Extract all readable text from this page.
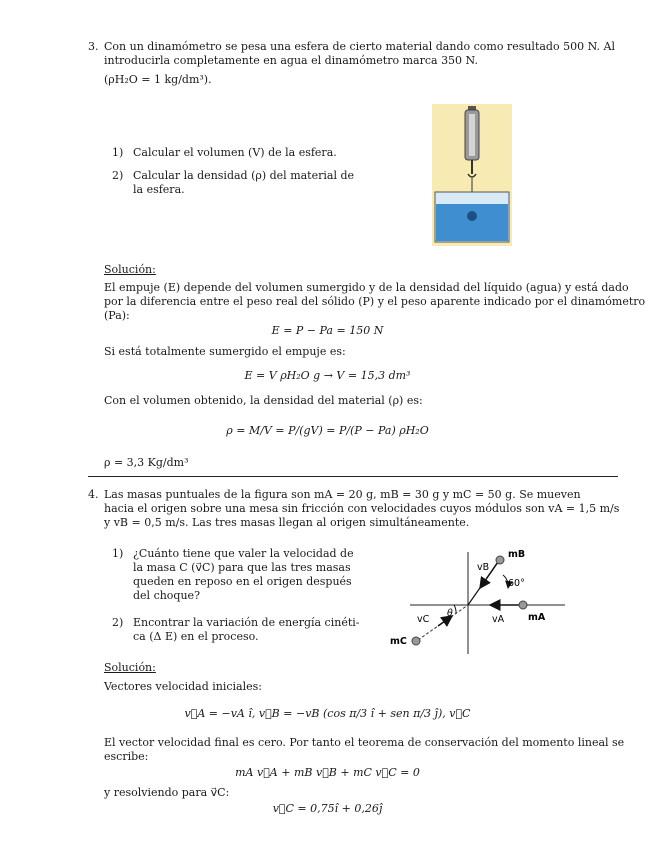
3. Con un dinamómetro se pesa una esfera de cierto material dando como resultado 500 N. Al
introducirla completamente en agua el dinamómetro marca 350 N.
(ρH₂O = 1 kg/dm³).
1) Calcular el volumen (V) de la esfera.
2) Calcular la densidad (ρ) del material de
la esfera.
Solución:
El empuje (E) depende del volumen sumergido y de la densidad del líquido (agua) y está dado
por la diferencia entre el peso real del sólido (P) y el peso aparente indicado por el dinamómetro
(Pa):
E = P − Pa = 150 N
Si está totalmente sumergido el empuje es:
E = V ρH₂O g → V = 15,3 dm³
Con el volumen obtenido, la densidad del material (ρ) es:
ρ = M/V = P/(gV) = P/(P − Pa) ρH₂O
ρ = 3,3 Kg/dm³
4. Las masas puntuales de la figura son mA = 20 g, mB = 30 g y mC = 50 g. Se mueven
hacia el origen sobre una mesa sin fricción con velocidades cuyos módulos son vA = 1,5 m/s
y vB = 0,5 m/s. Las tres masas llegan al origen simultáneamente.
1) ¿Cuánto tiene que valer la velocidad de
la masa C (v⃗C) para que las tres masas
queden en reposo en el origen después
del choque?
2) Encontrar la variación de energía cinéti-
ca (Δ E) en el proceso.
mB
vB
60°
θ
vC	vA	mA
mC
Solución:
Vectores velocidad iniciales:
v⃗A = −vA î, v⃗B = −vB (cos π/3 î + sen π/3 ĵ), v⃗C
El vector velocidad final es cero. Por tanto el teorema de conservación del momento lineal se
escribe:
mA v⃗A + mB v⃗B + mC v⃗C = 0
y resolviendo para v⃗C:
v⃗C = 0,75î + 0,26ĵ
